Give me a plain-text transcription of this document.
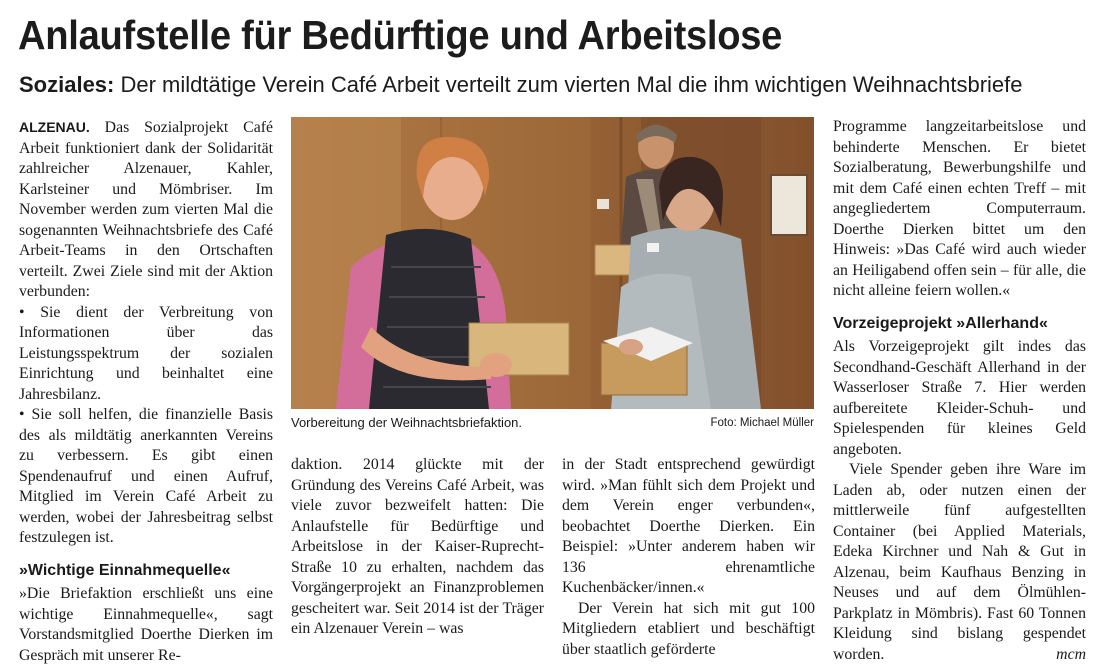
Anlaufstelle für Bedürftige und Arbeitslose
Soziales: Der mildtätige Verein Café Arbeit verteilt zum vierten Mal die ihm wichtigen Weihnachtsbriefe

ALZENAU. Das Sozialprojekt Café Arbeit funktioniert dank der Solidarität zahlreicher Alzenauer, Kahler, Karlsteiner und Mömbriser. Im November werden zum vierten Mal die sogenannten Weihnachtsbriefe des Café Arbeit-Teams in den Ortschaften verteilt. Zwei Ziele sind mit der Aktion verbunden:

• Sie dient der Verbreitung von Informationen über das Leistungsspektrum der sozialen Einrichtung und beinhaltet eine Jahresbilanz.

• Sie soll helfen, die finanzielle Basis des als mildtätig anerkannten Vereins zu verbessern. Es gibt einen Spendenaufruf und einen Aufruf, Mitglied im Verein Café Arbeit zu werden, wobei der Jahresbeitrag selbst festzulegen ist.

»Wichtige Einnahmequelle«

»Die Briefaktion erschließt uns eine wichtige Einnahmequelle«, sagt Vorstandsmitglied Doerthe Dierken im Gespräch mit unserer Re-

Vorbereitung der Weihnachtsbriefaktion.	Foto: Michael Müller

daktion. 2014 glückte mit der Gründung des Vereins Café Arbeit, was viele zuvor bezweifelt hatten: Die Anlaufstelle für Bedürftige und Arbeitslose in der Kaiser-Ruprecht-Straße 10 zu erhalten, nachdem das Vorgängerprojekt an Finanzproblemen gescheitert war. Seit 2014 ist der Träger ein Alzenauer Verein – was

in der Stadt entsprechend gewürdigt wird. »Man fühlt sich dem Projekt und dem Verein enger verbunden«, beobachtet Doerthe Dierken. Ein Beispiel: »Unter anderem haben wir 136 ehrenamtliche Kuchenbäcker/innen.«

Der Verein hat sich mit gut 100 Mitgliedern etabliert und beschäftigt über staatlich geförderte

Programme langzeitarbeitslose und behinderte Menschen. Er bietet Sozialberatung, Bewerbungshilfe und mit dem Café einen echten Treff – mit angegliedertem Computerraum. Doerthe Dierken bittet um den Hinweis: »Das Café wird auch wieder an Heiligabend offen sein – für alle, die nicht alleine feiern wollen.«

Vorzeigeprojekt »Allerhand«

Als Vorzeigeprojekt gilt indes das Secondhand-Geschäft Allerhand in der Wasserloser Straße 7. Hier werden aufbereitete Kleider-Schuh- und Spielespenden für kleines Geld angeboten.

Viele Spender geben ihre Ware im Laden ab, oder nutzen einen der mittlerweile fünf aufgestellten Container (bei Applied Materials, Edeka Kirchner und Nah & Gut in Alzenau, beim Kaufhaus Benzing in Neuses und auf dem Ölmühlen-Parkplatz in Mömbris). Fast 60 Tonnen Kleidung sind bislang gespendet worden.	mcm
